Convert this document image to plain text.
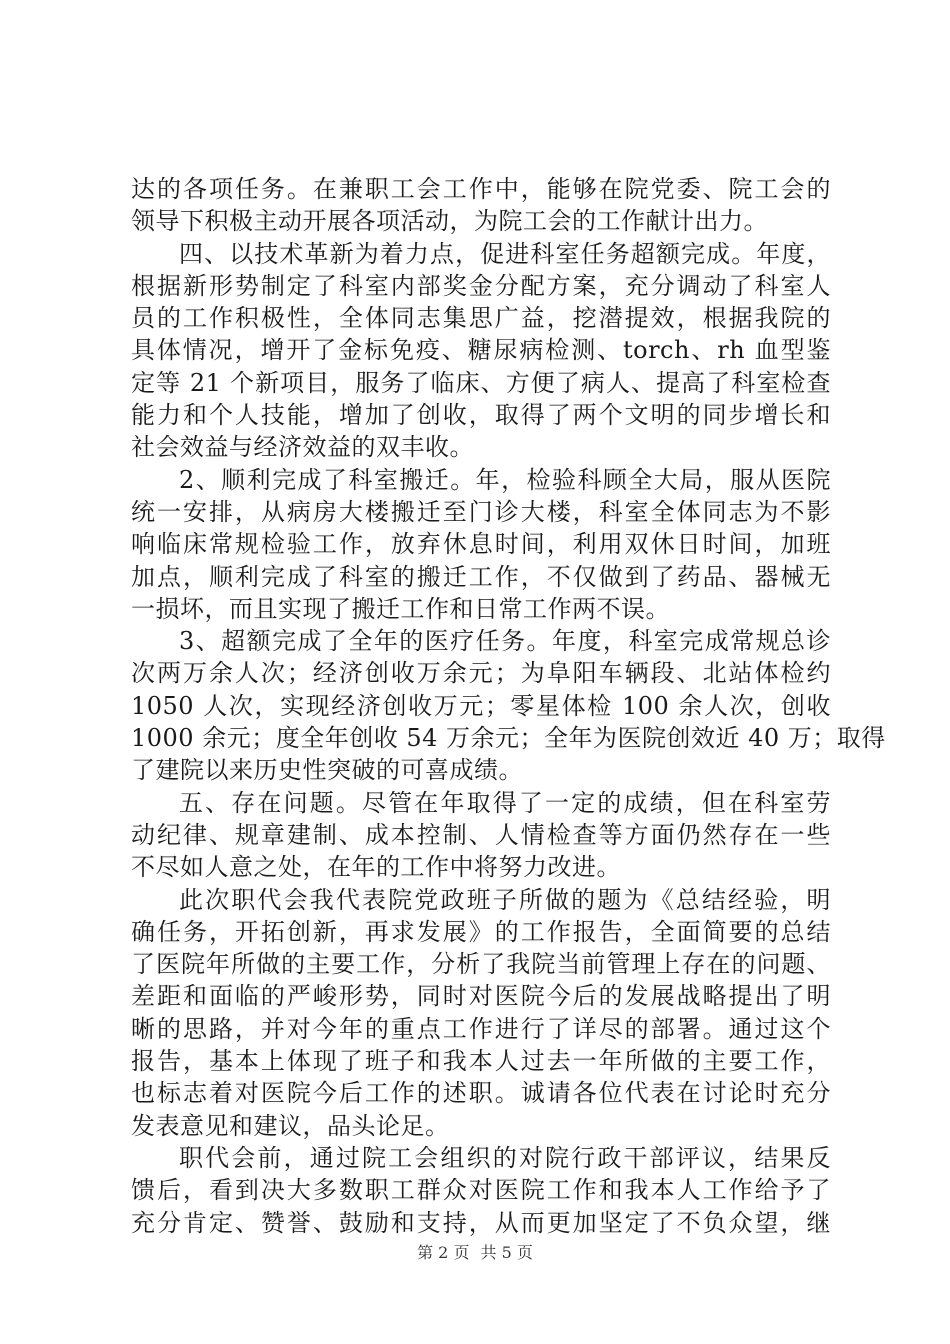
达的各项任务。在兼职工会工作中，能够在院党委、院工会的
领导下积极主动开展各项活动，为院工会的工作献计出力。
四、以技术革新为着力点，促进科室任务超额完成。年度，
根据新形势制定了科室内部奖金分配方案，充分调动了科室人
员的工作积极性，全体同志集思广益，挖潜提效，根据我院的
具体情况，增开了金标免疫、糖尿病检测、torch、rh 血型鉴
定等 21 个新项目，服务了临床、方便了病人、提高了科室检查
能力和个人技能，增加了创收，取得了两个文明的同步增长和
社会效益与经济效益的双丰收。
2、顺利完成了科室搬迁。年，检验科顾全大局，服从医院
统一安排，从病房大楼搬迁至门诊大楼，科室全体同志为不影
响临床常规检验工作，放弃休息时间，利用双休日时间，加班
加点，顺利完成了科室的搬迁工作，不仅做到了药品、器械无
一损坏，而且实现了搬迁工作和日常工作两不误。
3、超额完成了全年的医疗任务。年度，科室完成常规总诊
次两万余人次；经济创收万余元；为阜阳车辆段、北站体检约
1050 人次，实现经济创收万元；零星体检 100 余人次，创收
1000 余元；度全年创收 54 万余元；全年为医院创效近 40 万；取得
了建院以来历史性突破的可喜成绩。
五、存在问题。尽管在年取得了一定的成绩，但在科室劳
动纪律、规章建制、成本控制、人情检查等方面仍然存在一些
不尽如人意之处，在年的工作中将努力改进。
此次职代会我代表院党政班子所做的题为《总结经验，明
确任务，开拓创新，再求发展》的工作报告，全面简要的总结
了医院年所做的主要工作，分析了我院当前管理上存在的问题、
差距和面临的严峻形势，同时对医院今后的发展战略提出了明
晰的思路，并对今年的重点工作进行了详尽的部署。通过这个
报告，基本上体现了班子和我本人过去一年所做的主要工作，
也标志着对医院今后工作的述职。诚请各位代表在讨论时充分
发表意见和建议，品头论足。
职代会前，通过院工会组织的对院行政干部评议，结果反
馈后，看到决大多数职工群众对医院工作和我本人工作给予了
充分肯定、赞誉、鼓励和支持，从而更加坚定了不负众望，继
第 2 页 共 5 页
